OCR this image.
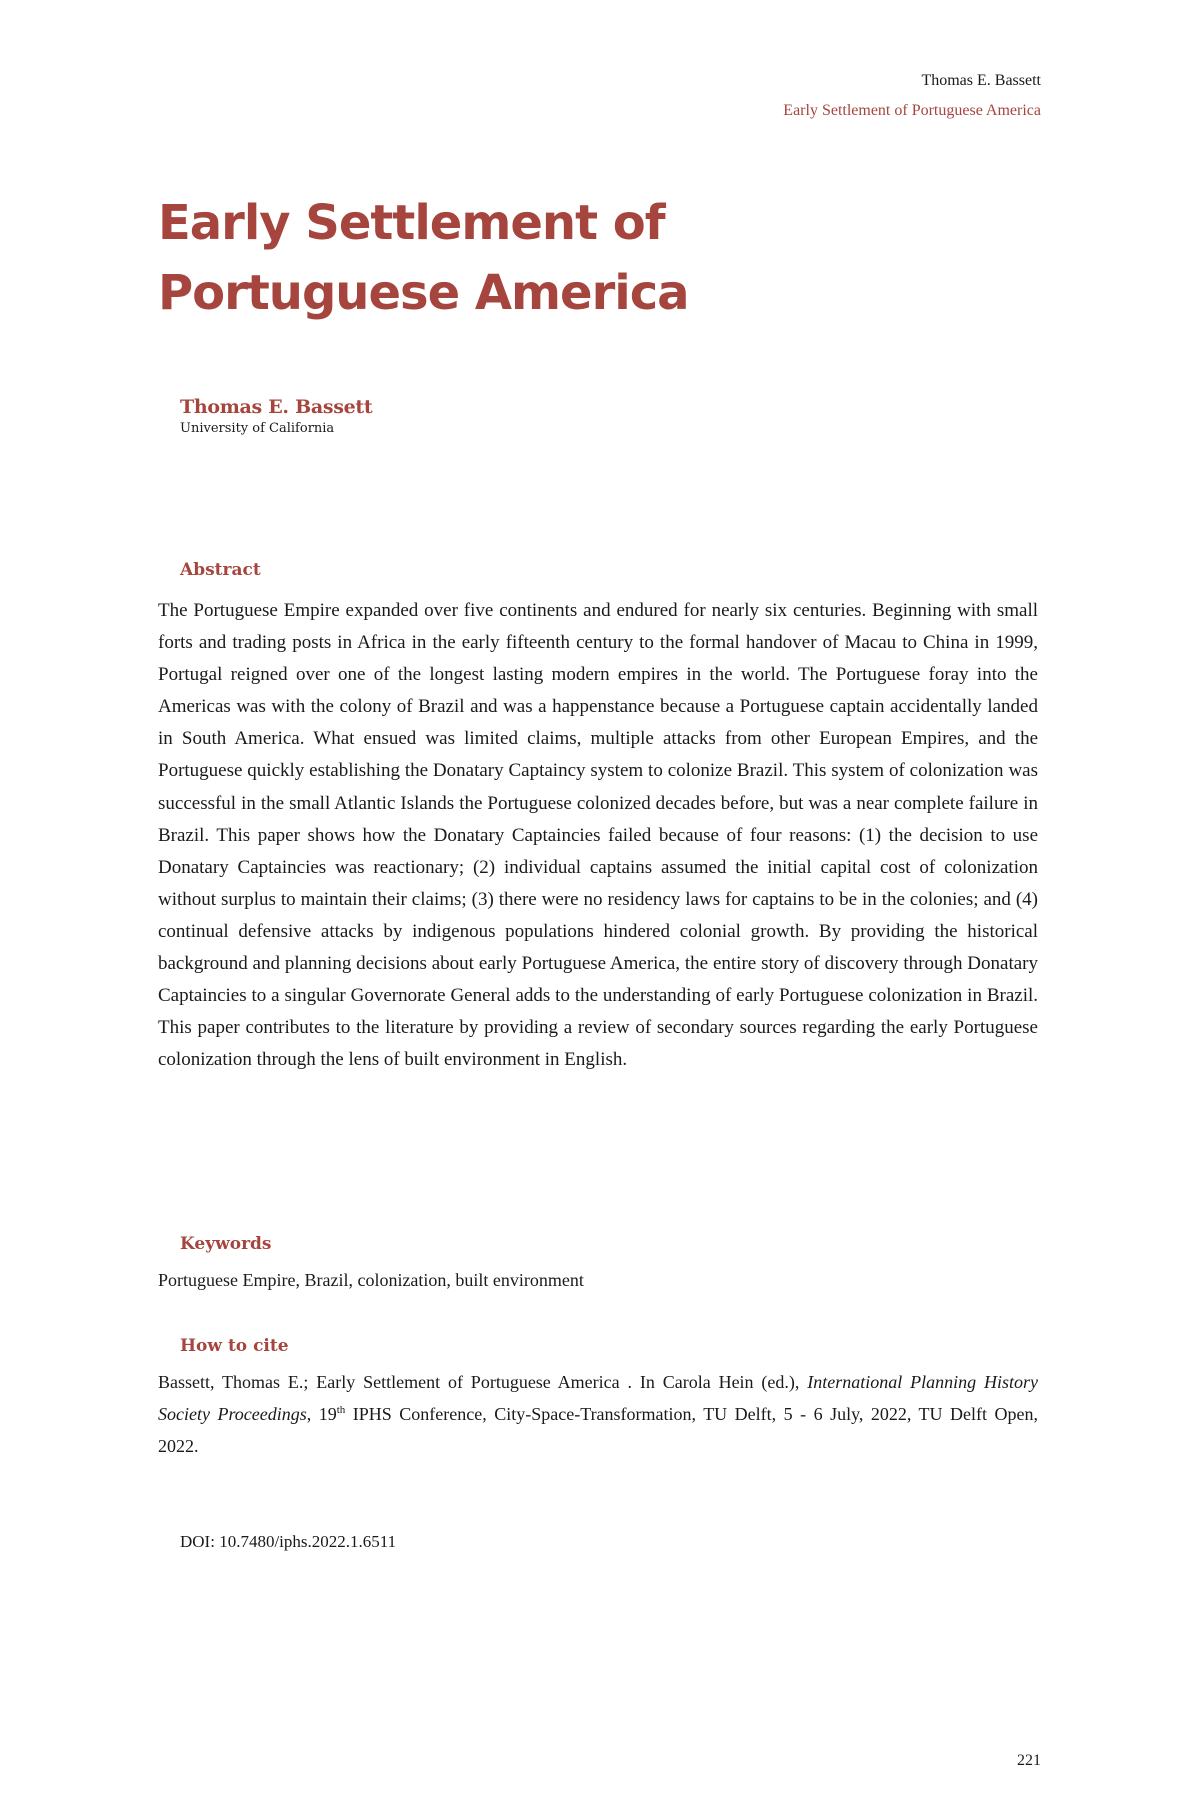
Thomas E. Bassett
Early Settlement of Portuguese America
Early Settlement of
Portuguese America
Thomas E. Bassett
University of California
Abstract

The Portuguese Empire expanded over five continents and endured for nearly six centuries. Beginning with small forts and trading posts in Africa in the early fifteenth century to the formal handover of Macau to China in 1999, Portugal reigned over one of the longest lasting modern empires in the world. The Portuguese foray into the Americas was with the colony of Brazil and was a happenstance because a Portuguese captain accidentally landed in South America. What ensued was limited claims, multiple attacks from other European Empires, and the Portuguese quickly establishing the Donatary Captaincy system to colonize Brazil. This system of colonization was successful in the small Atlantic Islands the Portuguese colonized decades before, but was a near complete failure in Brazil. This paper shows how the Donatary Captaincies failed because of four reasons: (1) the decision to use Donatary Captaincies was reactionary; (2) individual captains assumed the initial capital cost of colonization without surplus to maintain their claims; (3) there were no residency laws for captains to be in the colonies; and (4) continual defensive attacks by indigenous populations hindered colonial growth. By providing the historical background and planning decisions about early Portuguese America, the entire story of discovery through Donatary Captaincies to a singular Governorate General adds to the understanding of early Portuguese colonization in Brazil. This paper contributes to the literature by providing a review of secondary sources regarding the early Portuguese colonization through the lens of built environment in English.

Keywords

Portuguese Empire, Brazil, colonization, built environment

How to cite

Bassett, Thomas E.; Early Settlement of Portuguese America . In Carola Hein (ed.), International Planning History Society Proceedings, 19th IPHS Conference, City-Space-Transformation, TU Delft, 5 - 6 July, 2022, TU Delft Open, 2022.

DOI: 10.7480/iphs.2022.1.6511
221
